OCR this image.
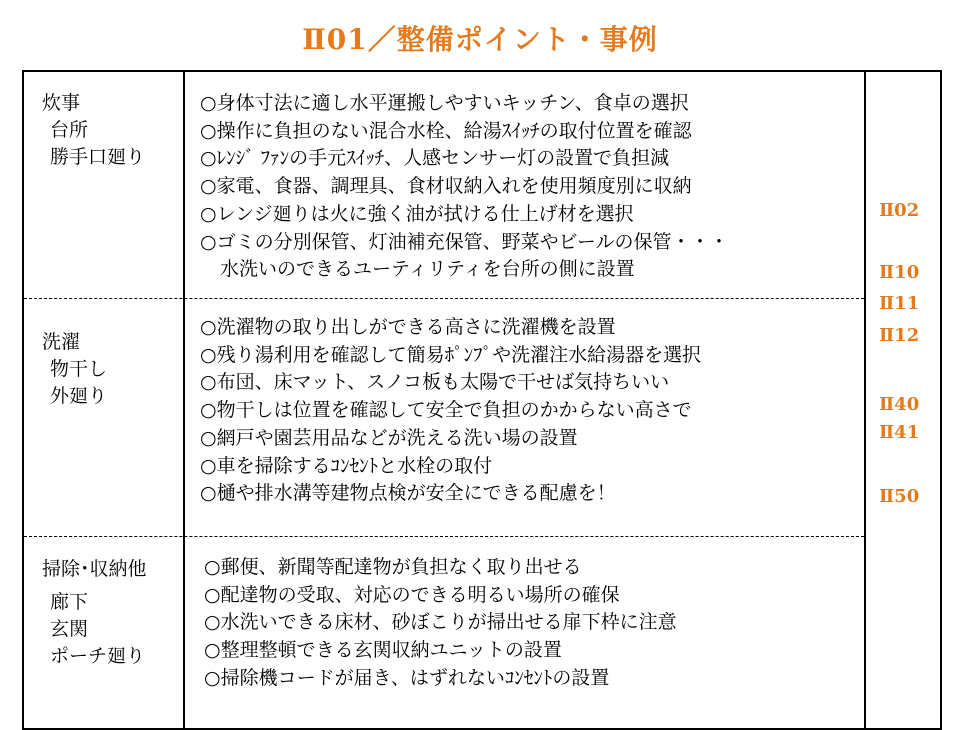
Ⅱ01／整備ポイント・事例
炊事
台所
勝手口廻り
○身体寸法に適し水平運搬しやすいキッチン、食卓の選択
○操作に負担のない混合水栓、給湯ｽｲｯﾁの取付位置を確認
○ﾚﾝｼﾞ ﾌｧﾝの手元ｽｲｯﾁ、人感センサー灯の設置で負担減
○家電、食器、調理具、食材収納入れを使用頻度別に収納
○レンジ廻りは火に強く油が拭ける仕上げ材を選択
○ゴミの分別保管、灯油補充保管、野菜やビールの保管・・・
水洗いのできるユーティリティを台所の側に設置
洗濯
物干し
外廻り
○洗濯物の取り出しができる高さに洗濯機を設置
○残り湯利用を確認して簡易ﾎﾟﾝﾌﾟや洗濯注水給湯器を選択
○布団、床マット、スノコ板も太陽で干せば気持ちいい
○物干しは位置を確認して安全で負担のかからない高さで
○網戸や園芸用品などが洗える洗い場の設置
○車を掃除するｺﾝｾﾝﾄと水栓の取付
○樋や排水溝等建物点検が安全にできる配慮を！
掃除･収納他
廊下
玄関
ポーチ廻り
○郵便、新聞等配達物が負担なく取り出せる
○配達物の受取、対応のできる明るい場所の確保
○水洗いできる床材、砂ぼこりが掃出せる扉下枠に注意
○整理整頓できる玄関収納ユニットの設置
○掃除機コードが届き、はずれないｺﾝｾﾝﾄの設置
Ⅱ02
Ⅱ10
Ⅱ11
Ⅱ12
Ⅱ40
Ⅱ41
Ⅱ50
